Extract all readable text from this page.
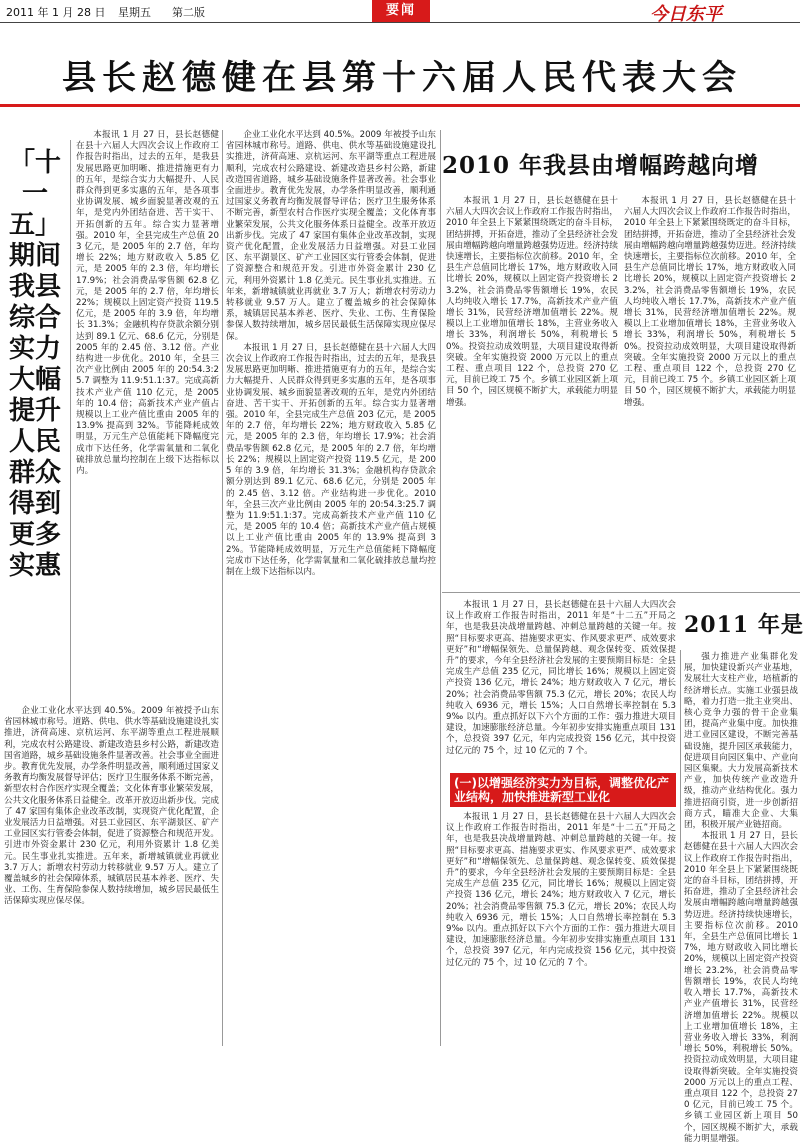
2011 年 1 月 28 日 星期五 第二版	要闻	今日东平
县长赵德健在县第十六届人民代表大会
「十一五」期间我县综合实力大幅提升人民群众得到更多实惠

本报讯 1 月 27 日，县长赵德健在县十六届人大四次会议上作政府工作报告时指出，过去的五年，是我县发展思路更加明晰、推进措施更有力的五年，是综合实力大幅提升、人民群众得到更多实惠的五年，是各项事业协调发展、城乡面貌显著改观的五年，是党内外团结奋进、苦干实干、开拓创新的五年。综合实力显著增强。2010 年，全县完成生产总值 203 亿元，是 2005 年的 2.7 倍，年均增长 22%；地方财政收入 5.85 亿元，是 2005 年的 2.3 倍，年均增长 17.9%；社会消费品零售额 62.8 亿元，是 2005 年的 2.7 倍，年均增长 22%；规模以上固定资产投资 119.5 亿元，是 2005 年的 3.9 倍，年均增长 31.3%；金融机构存贷款余额分别达到 89.1 亿元、68.6 亿元，分别是 2005 年的 2.45 倍、3.12 倍。产业结构进一步优化。2010 年，全县三次产业比例由 2005 年的 20:54.3:25.7 调整为 11.9:51.1:37。完成高新技术产业产值 110 亿元，是 2005 年的 10.4 倍；高新技术产业产值占规模以上工业产值比重由 2005 年的 13.9% 提高到 32%。节能降耗成效明显，万元生产总值能耗下降幅度完成市下达任务，化学需氧量和二氧化硫排放总量均控制在上级下达指标以内。

企业工业化水平达到 40.5%。2009 年被授予山东省园林城市称号。道路、供电、供水等基础设施建设扎实推进，济荷高速、京杭运河、东平湖等重点工程进展顺利，完成农村公路建设、新建改造县乡村公路，新建改造国省道路，城乡基础设施条件显著改善。社会事业全面进步。教育优先发展，办学条件明显改善，顺利通过国家义务教育均衡发展督导评估；医疗卫生服务体系不断完善，新型农村合作医疗实现全覆盖；文化体育事业繁荣发展，公共文化服务体系日益健全。改革开放迈出新步伐。完成了 47 家国有集体企业改革改制，实现资产优化配置，企业发展活力日益增强。对县工业园区、东平湖景区、矿产工业园区实行管委会体制，促进了资源整合和规范开发。引进市外资金累计 230 亿元，利用外资累计 1.8 亿美元。民生事业扎实推进。五年来，新增城镇就业再就业 3.7 万人；新增农村劳动力转移就业 9.57 万人。建立了覆盖城乡的社会保障体系，城镇居民基本养老、医疗、失业、工伤、生育保险参保人数持续增加，城乡居民最低生活保障实现应保尽保。

企业工业化水平达到 40.5%。2009 年被授予山东省园林城市称号。道路、供电、供水等基础设施建设扎实推进，济荷高速、京杭运河、东平湖等重点工程进展顺利，完成农村公路建设、新建改造县乡村公路，新建改造国省道路，城乡基础设施条件显著改善。社会事业全面进步。教育优先发展，办学条件明显改善，顺利通过国家义务教育均衡发展督导评估；医疗卫生服务体系不断完善，新型农村合作医疗实现全覆盖；文化体育事业繁荣发展，公共文化服务体系日益健全。改革开放迈出新步伐。完成了 47 家国有集体企业改革改制，实现资产优化配置，企业发展活力日益增强。对县工业园区、东平湖景区、矿产工业园区实行管委会体制，促进了资源整合和规范开发。引进市外资金累计 230 亿元，利用外资累计 1.8 亿美元。民生事业扎实推进。五年来，新增城镇就业再就业 3.7 万人；新增农村劳动力转移就业 9.57 万人。建立了覆盖城乡的社会保障体系，城镇居民基本养老、医疗、失业、工伤、生育保险参保人数持续增加，城乡居民最低生活保障实现应保尽保。

本报讯 1 月 27 日，县长赵德健在县十六届人大四次会议上作政府工作报告时指出，过去的五年，是我县发展思路更加明晰、推进措施更有力的五年，是综合实力大幅提升、人民群众得到更多实惠的五年，是各项事业协调发展、城乡面貌显著改观的五年，是党内外团结奋进、苦干实干、开拓创新的五年。综合实力显著增强。2010 年，全县完成生产总值 203 亿元，是 2005 年的 2.7 倍，年均增长 22%；地方财政收入 5.85 亿元，是 2005 年的 2.3 倍，年均增长 17.9%；社会消费品零售额 62.8 亿元，是 2005 年的 2.7 倍，年均增长 22%；规模以上固定资产投资 119.5 亿元，是 2005 年的 3.9 倍，年均增长 31.3%；金融机构存贷款余额分别达到 89.1 亿元、68.6 亿元，分别是 2005 年的 2.45 倍、3.12 倍。产业结构进一步优化。2010 年，全县三次产业比例由 2005 年的 20:54.3:25.7 调整为 11.9:51.1:37。完成高新技术产业产值 110 亿元，是 2005 年的 10.4 倍；高新技术产业产值占规模以上工业产值比重由 2005 年的 13.9% 提高到 32%。节能降耗成效明显，万元生产总值能耗下降幅度完成市下达任务，化学需氧量和二氧化硫排放总量均控制在上级下达指标以内。

2010 年我县由增幅跨越向增

本报讯 1 月 27 日，县长赵德健在县十六届人大四次会议上作政府工作报告时指出，2010 年全县上下紧紧围绕既定的奋斗目标，团结拼搏，开拓奋进，推动了全县经济社会发展由增幅跨越向增量跨越强势迈进。经济持续快速增长，主要指标位次前移。2010 年，全县生产总值同比增长 17%，地方财政收入同比增长 20%，规模以上固定资产投资增长 23.2%，社会消费品零售额增长 19%，农民人均纯收入增长 17.7%，高新技术产业产值增长 31%，民营经济增加值增长 22%。规模以上工业增加值增长 18%，主营业务收入增长 33%，利润增长 50%，利税增长 50%。投资拉动成效明显，大项目建设取得新突破。全年实施投资 2000 万元以上的重点工程、重点项目 122 个，总投资 270 亿元，目前已竣工 75 个。乡镇工业园区新上项目 50 个，园区规模不断扩大，承载能力明显增强。

本报讯 1 月 27 日，县长赵德健在县十六届人大四次会议上作政府工作报告时指出，2010 年全县上下紧紧围绕既定的奋斗目标，团结拼搏，开拓奋进，推动了全县经济社会发展由增幅跨越向增量跨越强势迈进。经济持续快速增长，主要指标位次前移。2010 年，全县生产总值同比增长 17%，地方财政收入同比增长 20%，规模以上固定资产投资增长 23.2%，社会消费品零售额增长 19%，农民人均纯收入增长 17.7%，高新技术产业产值增长 31%，民营经济增加值增长 22%。规模以上工业增加值增长 18%，主营业务收入增长 33%，利润增长 50%，利税增长 50%。投资拉动成效明显，大项目建设取得新突破。全年实施投资 2000 万元以上的重点工程、重点项目 122 个，总投资 270 亿元，目前已竣工 75 个。乡镇工业园区新上项目 50 个，园区规模不断扩大，承载能力明显增强。

本报讯 1 月 27 日，县长赵德健在县十六届人大四次会议上作政府工作报告时指出，2011 年是“十二五”开局之年，也是我县决战增量跨越、冲刺总量跨越的关键一年。按照“目标要求更高、措施要求更实、作风要求更严、成效要求更好”和“增幅保领先、总量保跨越、观念保转变、质效保提升”的要求，今年全县经济社会发展的主要预期目标是：全县完成生产总值 235 亿元，同比增长 16%；规模以上固定资产投资 136 亿元，增长 24%；地方财政收入 7 亿元，增长 20%；社会消费品零售额 75.3 亿元，增长 20%；农民人均纯收入 6936 元，增长 15%；人口自然增长率控制在 5.39‰ 以内。重点抓好以下六个方面的工作：强力推进大项目建设，加速膨胀经济总量。今年初步安排实施重点项目 131 个，总投资 397 亿元，年内完成投资 156 亿元，其中投资过亿元的 75 个，过 10 亿元的 7 个。

2011 年是
(一)以增强经济实力为目标，调整优化产业结构，加快推进新型工业化

本报讯 1 月 27 日，县长赵德健在县十六届人大四次会议上作政府工作报告时指出，2011 年是“十二五”开局之年，也是我县决战增量跨越、冲刺总量跨越的关键一年。按照“目标要求更高、措施要求更实、作风要求更严、成效要求更好”和“增幅保领先、总量保跨越、观念保转变、质效保提升”的要求，今年全县经济社会发展的主要预期目标是：全县完成生产总值 235 亿元，同比增长 16%；规模以上固定资产投资 136 亿元，增长 24%；地方财政收入 7 亿元，增长 20%；社会消费品零售额 75.3 亿元，增长 20%；农民人均纯收入 6936 元，增长 15%；人口自然增长率控制在 5.39‰ 以内。重点抓好以下六个方面的工作：强力推进大项目建设，加速膨胀经济总量。今年初步安排实施重点项目 131 个，总投资 397 亿元，年内完成投资 156 亿元，其中投资过亿元的 75 个，过 10 亿元的 7 个。

强力推进产业集群化发展，加快建设新兴产业基地，发展壮大支柱产业，培植新的经济增长点。实施工业强县战略，着力打造一批主业突出、核心竞争力强的骨干企业集团，提高产业集中度。加快推进工业园区建设，不断完善基础设施，提升园区承载能力，促进项目向园区集中、产业向园区集聚。大力发展高新技术产业，加快传统产业改造升级，推动产业结构优化。强力推进招商引资，进一步创新招商方式，瞄准大企业、大集团，积极开展产业链招商。

本报讯 1 月 27 日，县长赵德健在县十六届人大四次会议上作政府工作报告时指出，2010 年全县上下紧紧围绕既定的奋斗目标，团结拼搏，开拓奋进，推动了全县经济社会发展由增幅跨越向增量跨越强势迈进。经济持续快速增长，主要指标位次前移。2010 年，全县生产总值同比增长 17%，地方财政收入同比增长 20%，规模以上固定资产投资增长 23.2%，社会消费品零售额增长 19%，农民人均纯收入增长 17.7%，高新技术产业产值增长 31%，民营经济增加值增长 22%。规模以上工业增加值增长 18%，主营业务收入增长 33%，利润增长 50%，利税增长 50%。投资拉动成效明显，大项目建设取得新突破。全年实施投资 2000 万元以上的重点工程、重点项目 122 个，总投资 270 亿元，目前已竣工 75 个。乡镇工业园区新上项目 50 个，园区规模不断扩大，承载能力明显增强。
